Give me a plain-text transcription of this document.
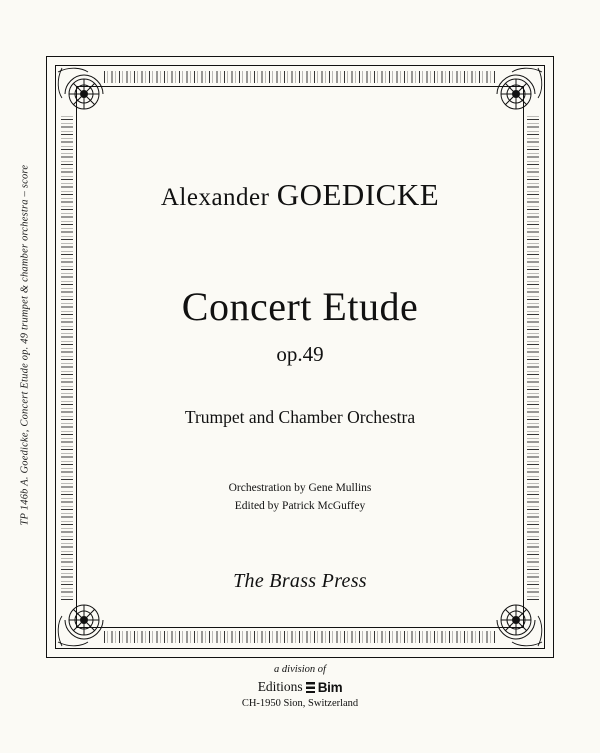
TP 146b A. Goedicke, Concert Etude op. 49 trumpet & chamber orchestra – score	Alexander GOEDICKE
Concert Etude
op.49
Trumpet and Chamber Orchestra
Orchestration by Gene Mullins
Edited by Patrick McGuffey
The Brass Press
a division of
Editions Bim
CH-1950 Sion, Switzerland
